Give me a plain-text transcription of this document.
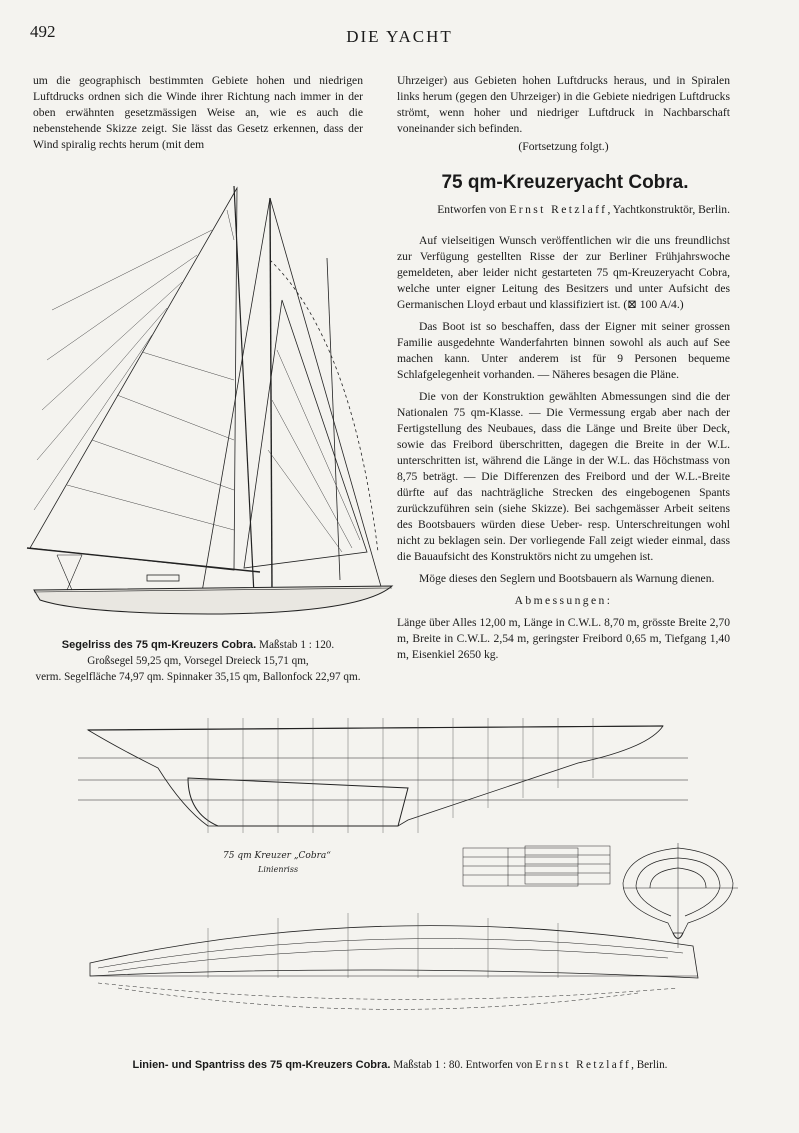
492	DIE YACHT

um die geographisch bestimmten Gebiete hohen und niedrigen Luftdrucks ordnen sich die Winde ihrer Richtung nach immer in der oben erwähnten gesetzmässigen Weise an, wie es auch die nebenstehende Skizze zeigt. Sie lässt das Gesetz erkennen, dass der Wind spiralig rechts herum (mit dem

Uhrzeiger) aus Gebieten hohen Luftdrucks heraus, und in Spiralen links herum (gegen den Uhrzeiger) in die Gebiete niedrigen Luftdrucks strömt, wenn hoher und niedriger Luftdruck in Nachbarschaft voneinander sich befinden.

(Fortsetzung folgt.)

75 qm-Kreuzeryacht Cobra.
Entworfen von Ernst Retzlaff, Yachtkonstruktör, Berlin.

Auf vielseitigen Wunsch veröffentlichen wir die uns freundlichst zur Verfügung gestellten Risse der zur Berliner Frühjahrswoche gemeldeten, aber leider nicht gestarteten 75 qm-Kreuzeryacht Cobra, welche unter eigner Leitung des Besitzers und unter Aufsicht des Germanischen Lloyd erbaut und klassifiziert ist. (⊠ 100 A/4.)

Das Boot ist so beschaffen, dass der Eigner mit seiner grossen Familie ausgedehnte Wanderfahrten binnen sowohl als auch auf See machen kann. Unter anderem ist für 9 Personen bequeme Schlafgelegenheit vorhanden. — Näheres besagen die Pläne.

Die von der Konstruktion gewählten Abmessungen sind die der Nationalen 75 qm-Klasse. — Die Vermessung ergab aber nach der Fertigstellung des Neubaues, dass die Länge und Breite über Deck, sowie das Freibord überschritten, dagegen die Breite in der W.L. unterschritten ist, während die Länge in der W.L. das Höchstmass von 8,75 beträgt. — Die Differenzen des Freibord und der W.L.-Breite dürfte auf das nachträgliche Strecken des eingebogenen Spants zurückzuführen sein (siehe Skizze). Bei sachgemässer Arbeit seitens des Bootsbauers würden diese Ueber- resp. Unterschreitungen wohl nicht zu beklagen sein. Der vorliegende Fall zeigt wieder einmal, dass die Bauaufsicht des Konstruktörs nicht zu umgehen ist.

Möge dieses den Seglern und Bootsbauern als Warnung dienen.

Abmessungen:

Länge über Alles 12,00 m, Länge in C.W.L. 8,70 m, grösste Breite 2,70 m, Breite in C.W.L. 2,54 m, geringster Freibord 0,65 m, Tiefgang 1,40 m, Eisenkiel 2650 kg.

Segelriss des 75 qm-Kreuzers Cobra. Maßstab 1 : 120.
Großsegel 59,25 qm, Vorsegel Dreieck 15,71 qm,
verm. Segelfläche 74,97 qm. Spinnaker 35,15 qm, Ballonfock 22,97 qm.
75 qm Kreuzer „Cobra“
Linienriss
Linien- und Spantriss des 75 qm-Kreuzers Cobra. Maßstab 1 : 80. Entworfen von Ernst Retzlaff, Berlin.
